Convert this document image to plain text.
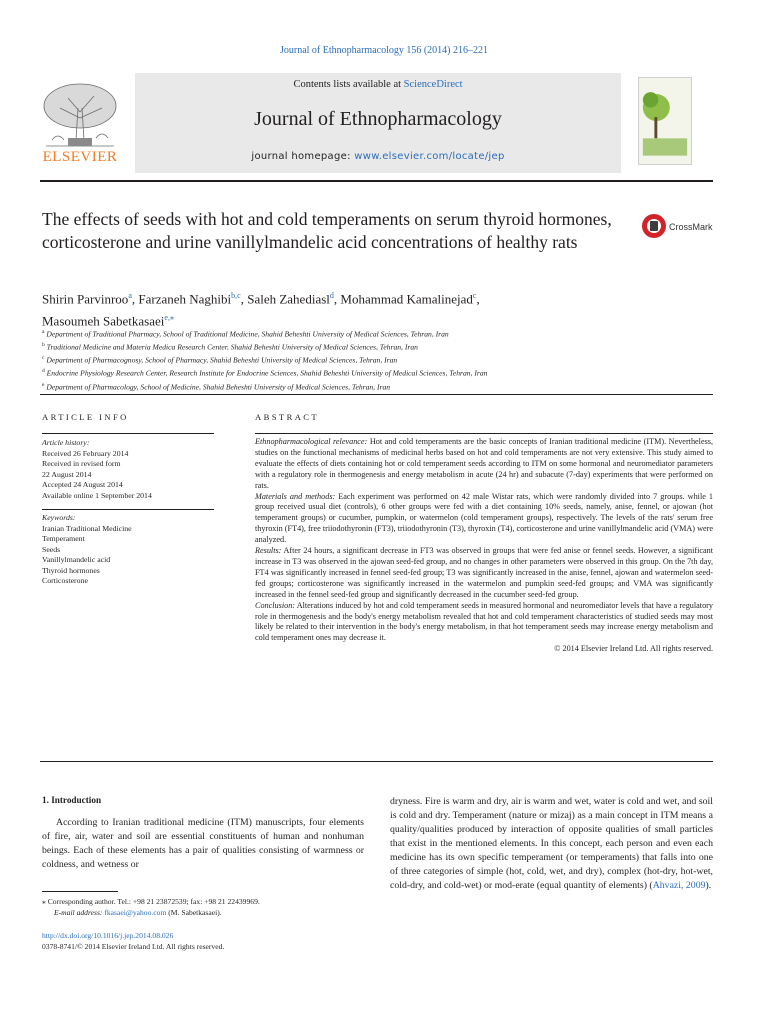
Journal of Ethnopharmacology 156 (2014) 216–221
Contents lists available at ScienceDirect
Journal of Ethnopharmacology
journal homepage: www.elsevier.com/locate/jep
ELSEVIER
The effects of seeds with hot and cold temperaments on serum thyroid hormones, corticosterone and urine vanillylmandelic acid concentrations of healthy rats
CrossMark
Shirin Parvinroo$^a$, Farzaneh Naghibi$^{b,c}$, Saleh Zahediasl$^d$, Mohammad Kamalinejad$^c$,
Masoumeh Sabetkasaei$^{e,⁎}$
$^a$ Department of Traditional Pharmacy, School of Traditional Medicine, Shahid Beheshti University of Medical Sciences, Tehran, Iran
$^b$ Traditional Medicine and Materia Medica Research Center, Shahid Beheshti University of Medical Sciences, Tehran, Iran
$^c$ Department of Pharmacognosy, School of Pharmacy, Shahid Beheshti University of Medical Sciences, Tehran, Iran
$^d$ Endocrine Physiology Research Center, Research Institute for Endocrine Sciences, Shahid Beheshti University of Medical Sciences, Tehran, Iran
$^e$ Department of Pharmacology, School of Medicine, Shahid Beheshti University of Medical Sciences, Tehran, Iran
ARTICLE INFO
Article history:
Received 26 February 2014
Received in revised form
22 August 2014
Accepted 24 August 2014
Available online 1 September 2014
Keywords:
Iranian Traditional Medicine
Temperament
Seeds
Vanillylmandelic acid
Thyroid hormones
Corticosterone
ABSTRACT

Ethnopharmacological relevance: Hot and cold temperaments are the basic concepts of Iranian traditional medicine (ITM). Nevertheless, studies on the functional mechanisms of medicinal herbs based on hot and cold temperaments are not very extensive. This study aimed to evaluate the effects of diets containing hot or cold temperament seeds according to ITM on some hormonal and neuromediator parameters with a regulatory role in thermogenesis and energy metabolism in acute (24 hr) and subacute (7-day) experiments that were performed on rats.

Materials and methods: Each experiment was performed on 42 male Wistar rats, which were randomly divided into 7 groups. while 1 group received usual diet (controls), 6 other groups were fed with a diet containing 10% seeds, namely, anise, fennel, or ajowan (hot temperament groups) or cucumber, pumpkin, or watermelon (cold temperament groups), respectively. The levels of the rats' serum free thyroxin (FT4), free triiodothyronin (FT3), triiodothyronin (T3), thyroxin (T4), corticosterone and urine vanillylmandelic acid (VMA) were analyzed.

Results: After 24 hours, a significant decrease in FT3 was observed in groups that were fed anise or fennel seeds. However, a significant increase in T3 was observed in the ajowan seed-fed group, and no changes in other parameters were observed in this group. On the 7th day, FT4 was significantly increased in fennel seed-fed group; T3 was significantly increased in the anise, fennel, ajowan and watermelon seed-fed groups; corticosterone was significantly increased in the watermelon and pumpkin seed-fed groups; and VMA was significantly increased in the fennel seed-fed group and significantly decreased in the cucumber seed-fed group.

Conclusion: Alterations induced by hot and cold temperament seeds in measured hormonal and neuromediator levels that have a regulatory role in thermogenesis and the body's energy metabolism revealed that hot and cold temperament characteristics of studied seeds may most likely be related to their intervention in the body's energy metabolism, in that hot temperament seeds may increase energy metabolism and cold temperament ones may decrease it.

© 2014 Elsevier Ireland Ltd. All rights reserved.
1. Introduction
According to Iranian traditional medicine (ITM) manuscripts, four elements of fire, air, water and soil are essential constituents of human and nonhuman beings. Each of these elements has a pair of qualities consisting of warmness or coldness, and wetness or
dryness. Fire is warm and dry, air is warm and wet, water is cold and wet, and soil is cold and dry. Temperament (nature or mizaj) as a main concept in ITM means a quality/qualities produced by interaction of opposite qualities of small particles that exist in the mentioned elements. In this concept, each person and even each medicine has its own specific temperament (or temperaments) that falls into one of three categories of simple (hot, cold, wet, and dry), complex (hot-dry, hot-wet, cold-dry, and cold-wet) or mod-erate (equal quantity of elements) (Ahvazi, 2009).
⁎ Corresponding author. Tel.: +98 21 23872539; fax: +98 21 22439969.
E-mail address: fkasaei@yahoo.com (M. Sabetkasaei).
http://dx.doi.org/10.1016/j.jep.2014.08.026
0378-8741/© 2014 Elsevier Ireland Ltd. All rights reserved.
